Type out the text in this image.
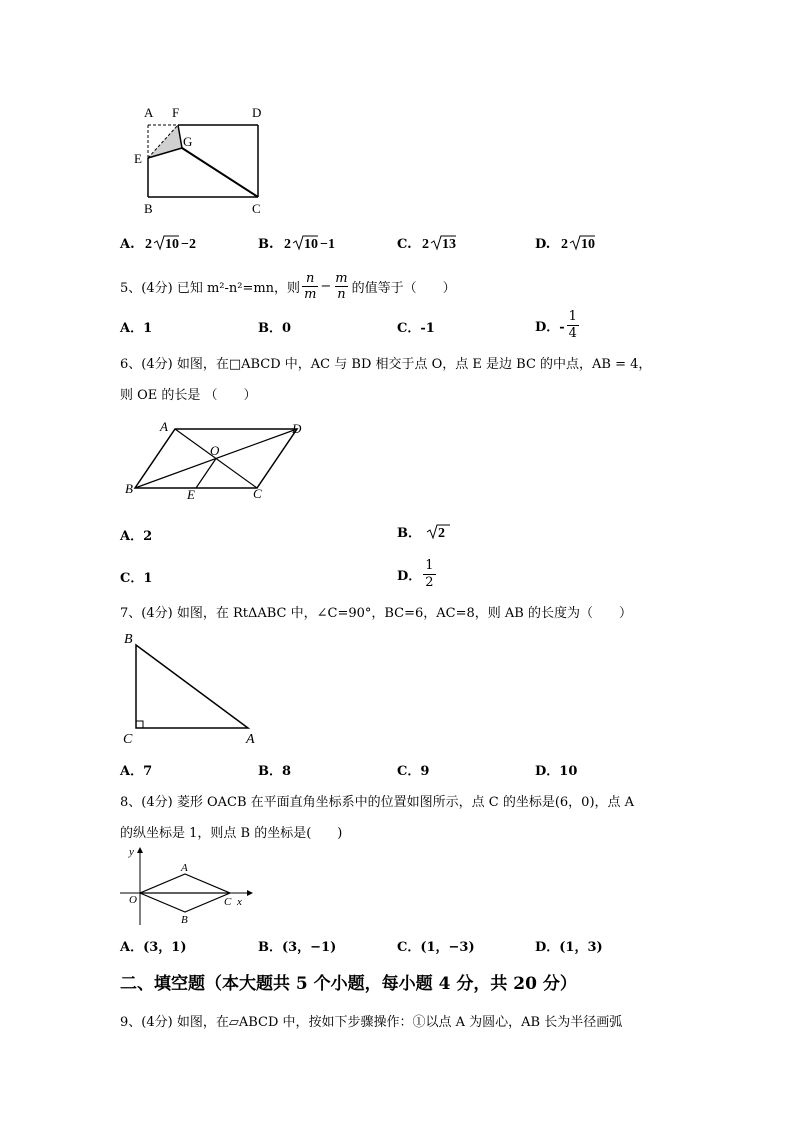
A F	D
G
E
B	C
A. 2 10 −2	B. 2 10 −1	C. 2 13	D. 2 10
5、(4分) 已知 m²-n²=mn，则 $\frac{n}{m} - \frac{m}{n}$ 的值等于（　　）
A．1	B．0	C．-1	D．- $\frac{1}{4}$
6、(4分) 如图，在□ABCD 中，AC 与 BD 相交于点 O，点 E 是边 BC 的中点，AB = 4，
则 OE 的长是 （　　）
A	D
O
B	E	C
A．2	B． 2
C．1	D． $\frac{1}{2}$
7、(4分) 如图，在 RtΔABC 中，∠C=90°，BC=6，AC=8，则 AB 的长度为（　　）
B
C	A
A．7	B．8	C．9	D．10
8、(4分) 菱形 OACB 在平面直角坐标系中的位置如图所示，点 C 的坐标是(6，0)，点 A
的纵坐标是 1，则点 B 的坐标是(　　)
y
x
O
A
B
C
A．(3，1)	B．(3，−1)	C．(1，−3)	D．(1，3)
二、填空题（本大题共 5 个小题，每小题 4 分，共 20 分）
9、(4分) 如图，在▱ABCD 中，按如下步骤操作：①以点 A 为圆心，AB 长为半径画弧
